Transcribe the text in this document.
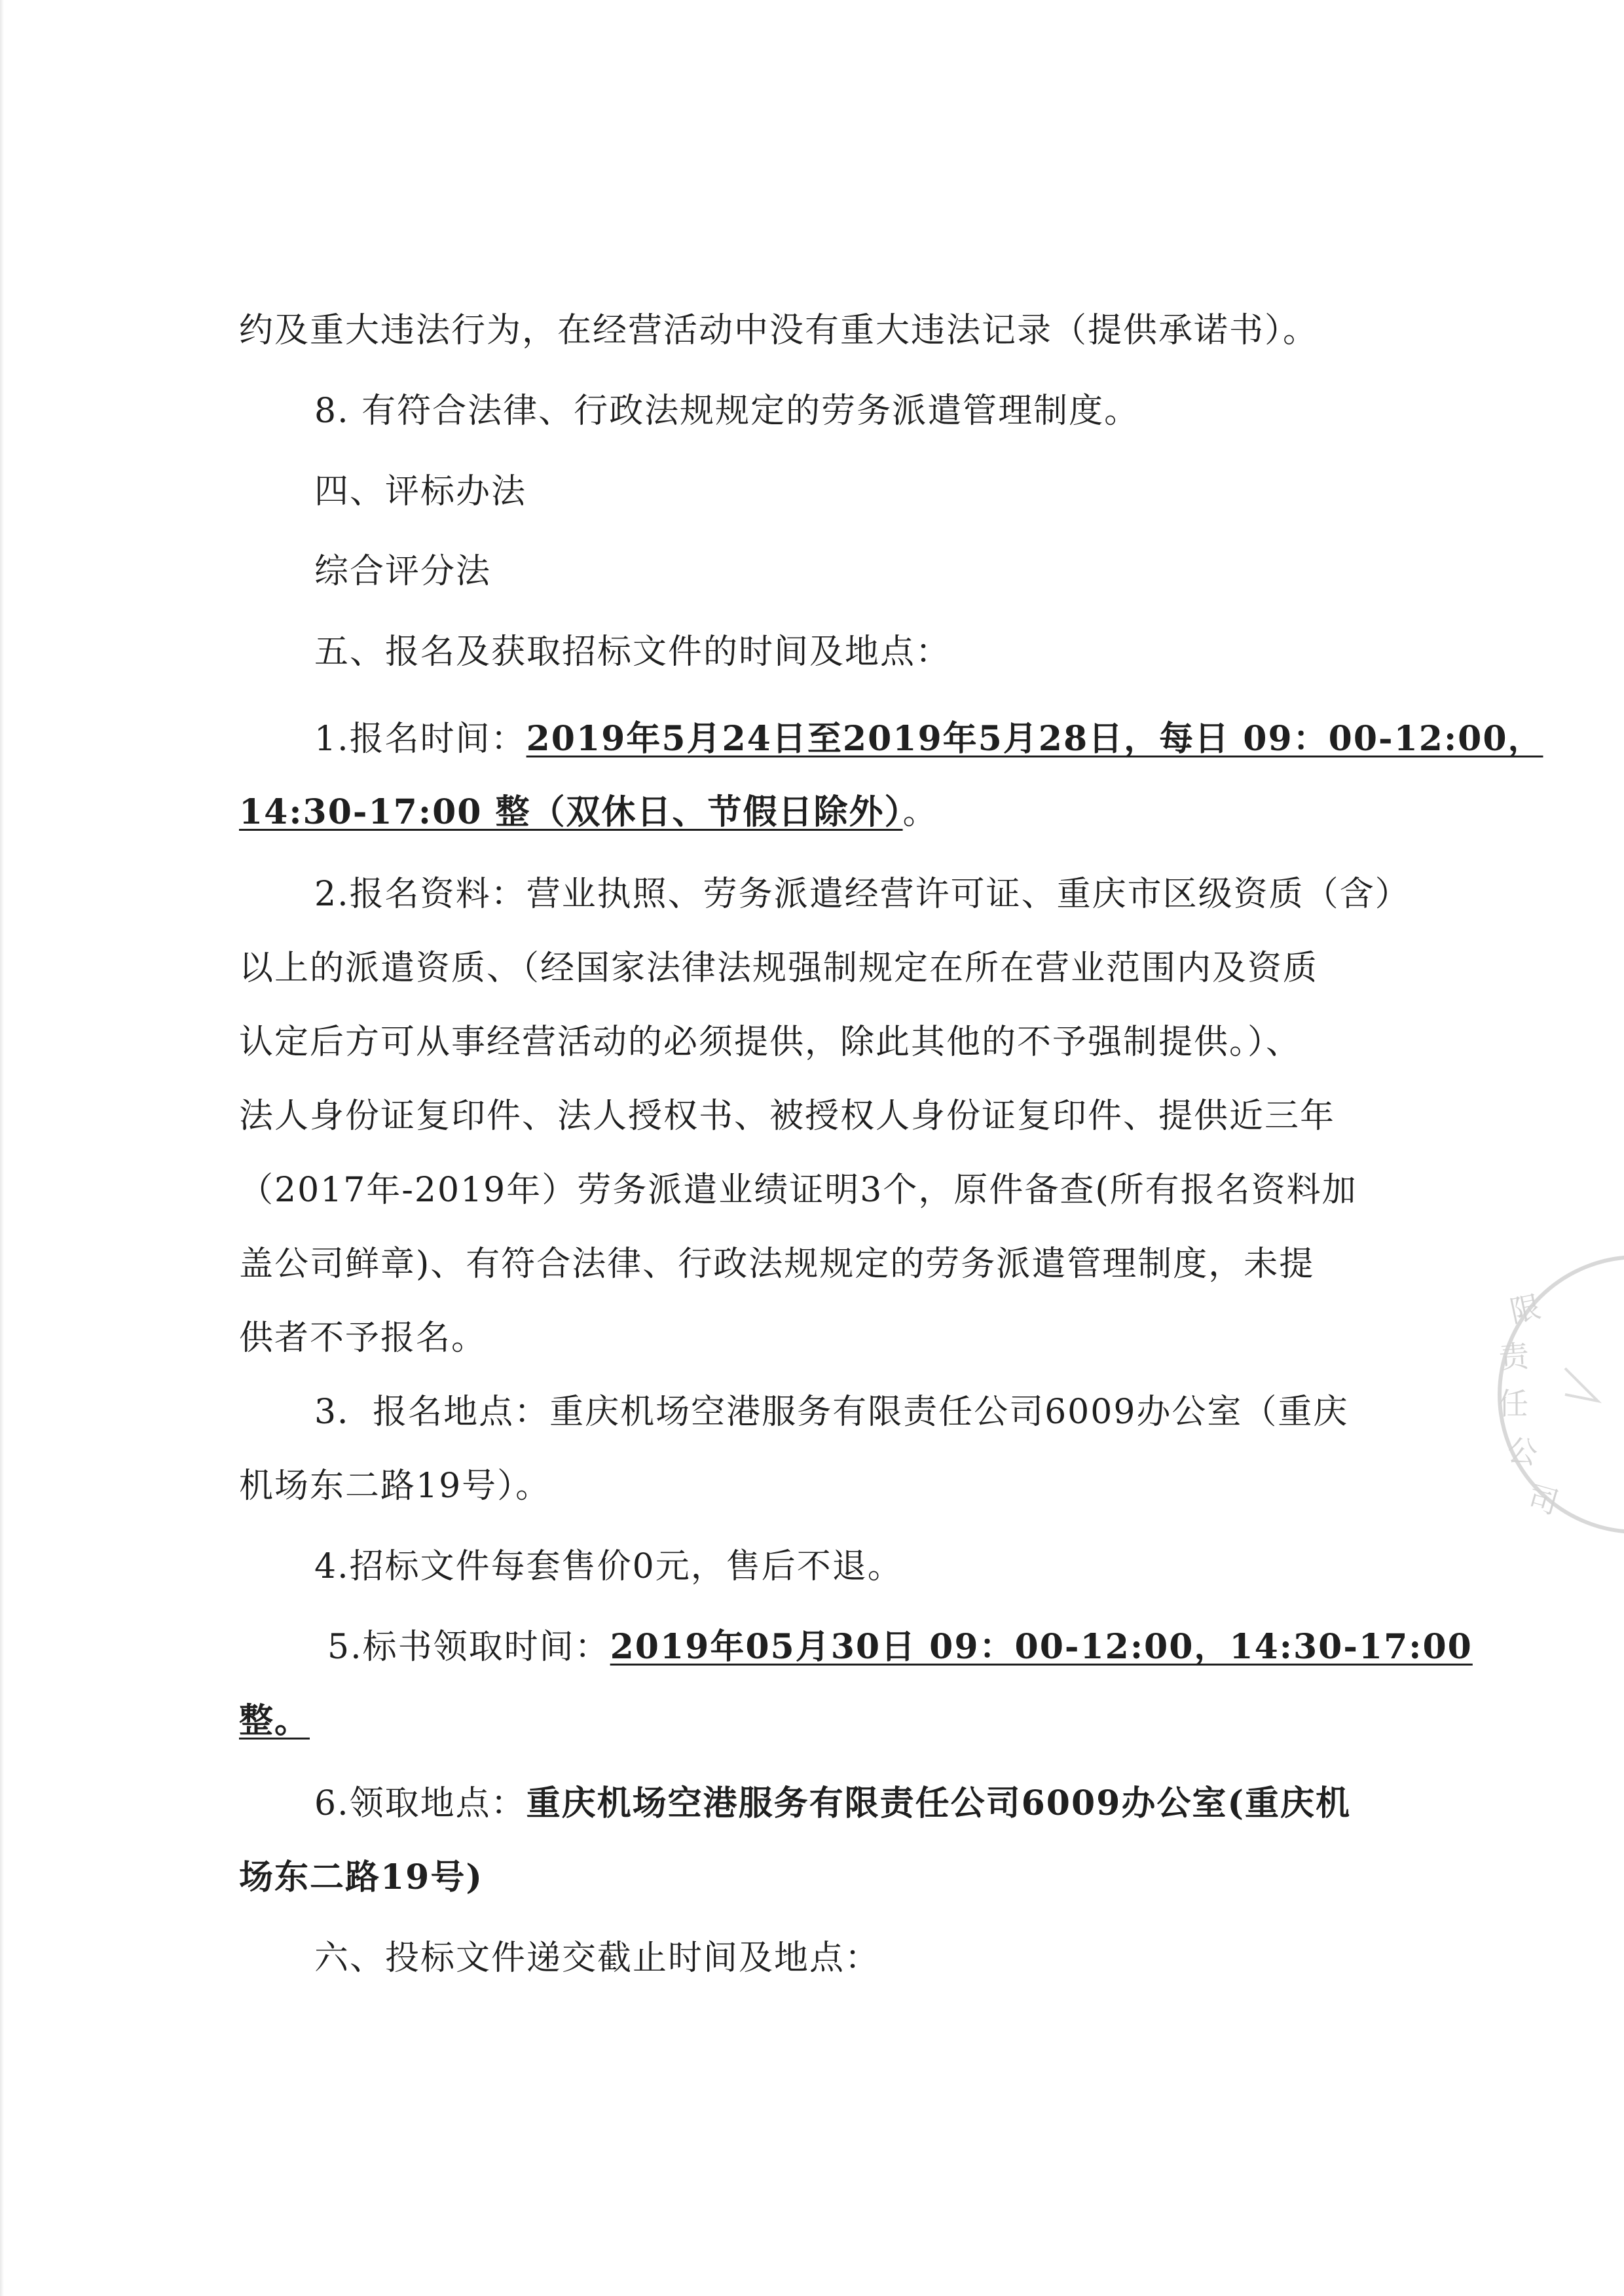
约及重大违法行为，在经营活动中没有重大违法记录（提供承诺书）。
8. 有符合法律、行政法规规定的劳务派遣管理制度。
四、评标办法
综合评分法
五、报名及获取招标文件的时间及地点：
1.报名时间：2019年5月24日至2019年5月28日，每日 09：00-12:00，
14:30-17:00 整（双休日、节假日除外）。
2.报名资料：营业执照、劳务派遣经营许可证、重庆市区级资质（含）
以上的派遣资质、（经国家法律法规强制规定在所在营业范围内及资质
认定后方可从事经营活动的必须提供，除此其他的不予强制提供。）、
法人身份证复印件、法人授权书、被授权人身份证复印件、提供近三年
（2017年-2019年）劳务派遣业绩证明3个，原件备查(所有报名资料加
盖公司鲜章)、有符合法律、行政法规规定的劳务派遣管理制度，未提
供者不予报名。
3．报名地点：重庆机场空港服务有限责任公司6009办公室（重庆
机场东二路19号）。
4.招标文件每套售价0元，售后不退。
5.标书领取时间：2019年05月30日 09：00-12:00，14:30-17:00
整。
6.领取地点：重庆机场空港服务有限责任公司6009办公室(重庆机
场东二路19号)
六、投标文件递交截止时间及地点：
限
责
任
公
司
